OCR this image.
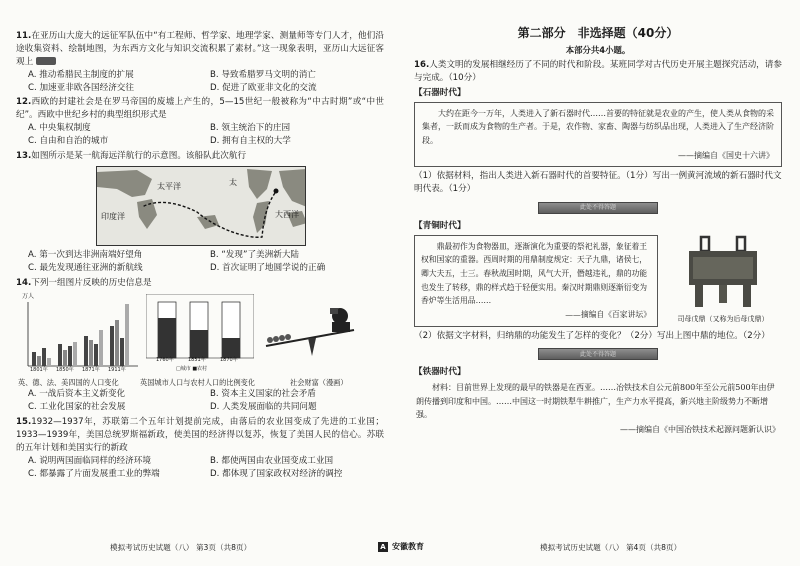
11.在亚历山大庞大的远征军队伍中“有工程师、哲学家、地理学家、测量师等专门人才，他们沿途收集资料、绘制地图，为东西方文化与知识交流积累了素材。”这一现象表明，亚历山大远征客观上
A. 推动希腊民主制度的扩展	B. 导致希腊罗马文明的消亡
C. 加速亚非欧各国经济交往	D. 促进了欧亚非文化的交流
12.西欧的封建社会是在罗马帝国的废墟上产生的，5—15世纪一般被称为“中古时期”或“中世纪”。西欧中世纪乡村的典型组织形式是
A. 中央集权制度	B. 领主统治下的庄园
C. 自由和自治的城市	D. 拥有自主权的大学
13.如图所示是某一航海远洋航行的示意图。该船队此次航行
太平洋
大西洋
印度洋
太
A. 第一次到达非洲南端好望角	B. “发现”了美洲新大陆
C. 最先发现通往亚洲的新航线	D. 首次证明了地圆学说的正确
14.下列一组图片反映的历史信息是
万人
1801年 1850年 1871年 1911年
1760年	1851年	1870年
□城市 ■农村
英、德、法、美四国的人口变化	英国城市人口与农村人口的比例变化	社会财富（漫画）
A. 一战后资本主义新变化	B. 资本主义国家的社会矛盾
C. 工业化国家的社会发展	D. 人类发展面临的共同问题
15.1932—1937年，苏联第二个五年计划提前完成，由落后的农业国变成了先进的工业国；1933—1939年，美国总统罗斯福新政，使美国的经济得以复苏，恢复了美国人民的信心。苏联的五年计划和美国实行的新政
A. 说明两国面临同样的经济环境	B. 都使两国由农业国变成工业国
C. 都暴露了片面发展重工业的弊端	D. 都体现了国家政权对经济的调控
模拟考试历史试题（八） 第3页（共8页）	A 安徽教育	模拟考试历史试题（八） 第4页（共8页）
第二部分　非选择题（40分）
本部分共4小题。
16.人类文明的发展相继经历了不同的时代和阶段。某班同学对古代历史开展主题探究活动，请参与完成。（10分）
【石器时代】
大约在距今一万年，人类进入了新石器时代……首要的特征就是农业的产生，使人类从食物的采集者，一跃而成为食物的生产者。于是，农作物、家畜、陶器与纺织品出现，人类进入了生产经济阶段。
——摘编自《国史十六讲》
（1）依据材料，指出人类进入新石器时代的首要特征。（1分）写出一例黄河流域的新石器时代文明代表。（1分）
此处不得答题
【青铜时代】
鼎最初作为食物器皿，逐渐演化为重要的祭祀礼器，象征着王权和国家的重器。西周时期的用鼎制度规定：天子九鼎，诸侯七，卿大夫五，士三。春秋战国时期，风气大开，僭越违礼，鼎的功能也发生了转移，鼎的样式趋于轻便实用。秦汉时期鼎则逐渐衍变为香炉等生活用品……
——摘编自《百家讲坛》
司母戊鼎（又称为后母戊鼎）
（2）依据文字材料，归纳鼎的功能发生了怎样的变化？（2分）写出上图中鼎的地位。（2分）
此处不得答题
【铁器时代】
材料：目前世界上发现的最早的铁器是在西亚。……冶铁技术自公元前800年至公元前500年由伊朗传播到印度和中国。……中国这一时期铁犁牛耕推广，生产力水平提高，新兴地主阶级势力不断增强。
——摘编自《中国冶铁技术起源问题新认识》
